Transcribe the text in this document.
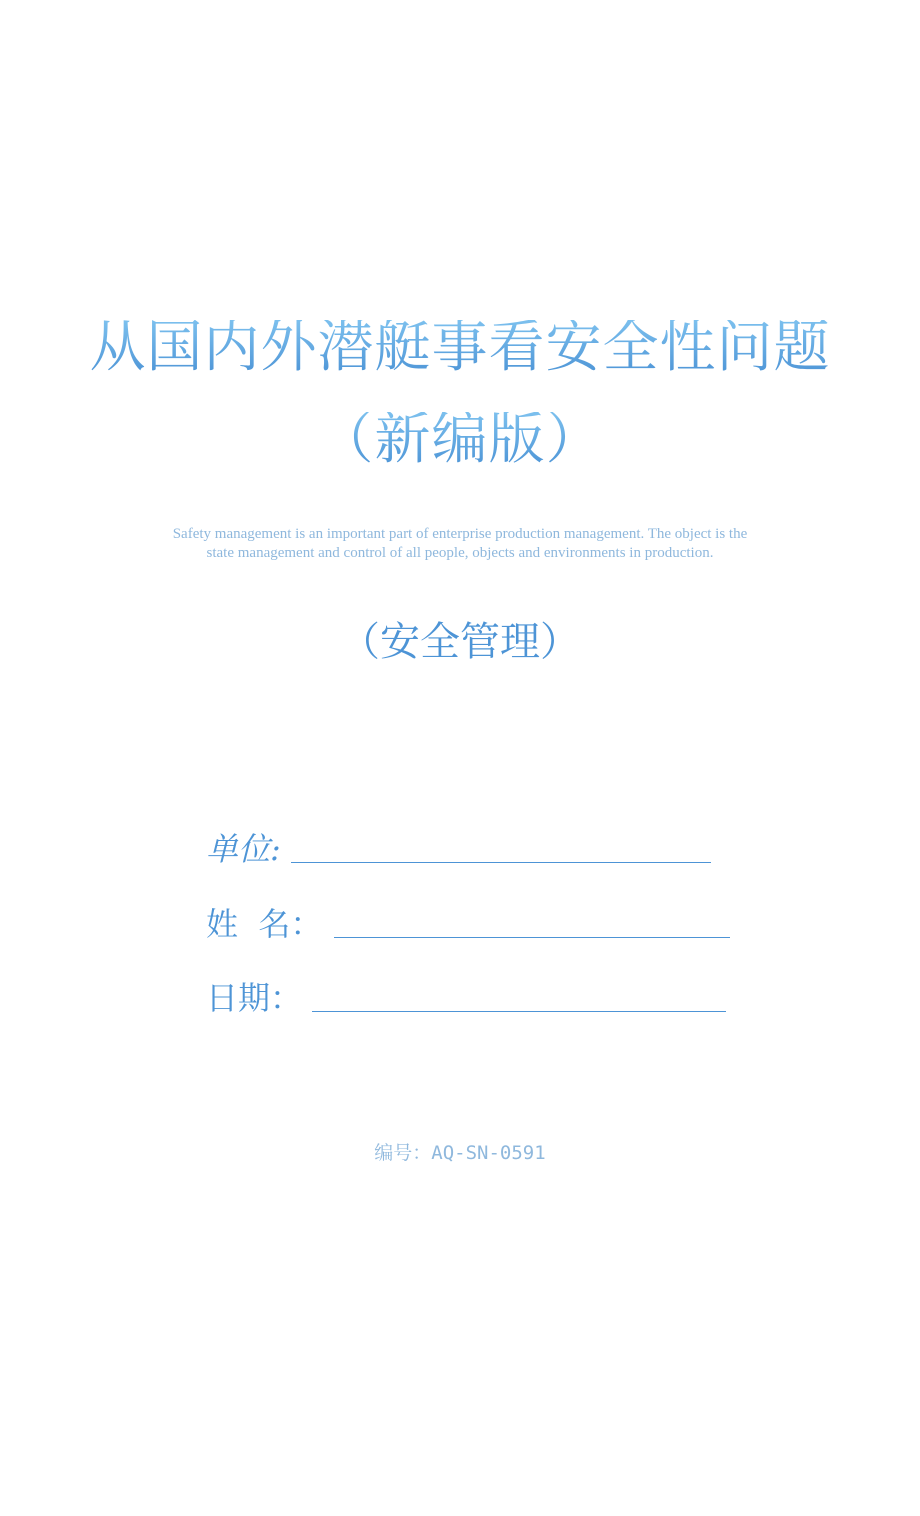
从国内外潜艇事看安全性问题
（新编版）
Safety management is an important part of enterprise production management. The object is the
state management and control of all people, objects and environments in production.
（安全管理）
单位:
姓  名：
日期：
编号：AQ-SN-0591
